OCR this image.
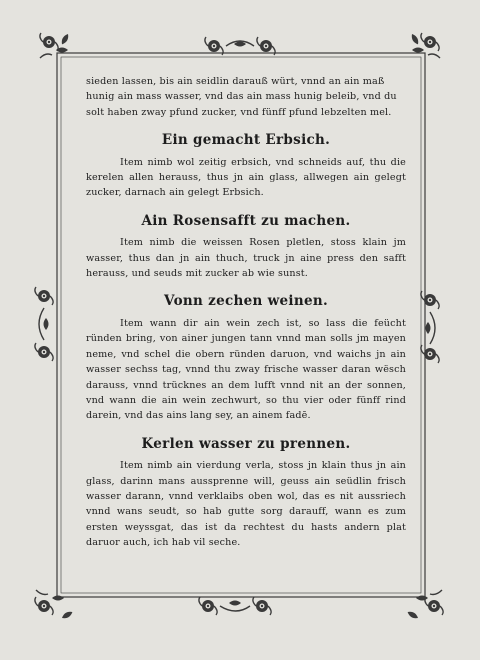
sieden lassen, bis ain seidlin darauß würt, vnnd an ain maß hunig ain mass wasser, vnd das ain mass hunig beleib, vnd du solt haben zway pfund zucker, vnd fünff pfund lebzelten mel.

Ein gemacht Erbsich.

Item nimb wol zeitig erbsich, vnd schneids auf, thu die kerelen allen herauss, thus jn ain glass, allwegen ain gelegt zucker, darnach ain gelegt Erbsich.

Ain Rosensafft zu machen.

Item nimb die weissen Rosen pletlen, stoss klain jm wasser, thus dan jn ain thuch, truck jn aine press den safft herauss, und seuds mit zucker ab wie sunst.

Vonn zechen weinen.

Item wann dir ain wein zech ist, so lass die feücht ründen bring, von ainer jungen tann vnnd man solls jm mayen neme, vnd schel die obern ründen daruon, vnd waichs jn ain wasser sechss tag, vnnd thu zway frische wasser daran wësch darauss, vnnd trücknes an dem lufft vnnd nit an der sonnen, vnd wann die ain wein zechwurt, so thu vier oder fünff rind darein, vnd das ains lang sey, an ainem fadē.

Kerlen wasser zu prennen.

Item nimb ain vierdung verla, stoss jn klain thus jn ain glass, darinn mans aussprenne will, geuss ain seüdlin frisch wasser darann, vnnd verklaibs oben wol, das es nit aussriech vnnd wans seudt, so hab gutte sorg darauff, wann es zum ersten weyssgat, das ist da rechtest du hasts andern plat daruor auch, ich hab vil seche.
